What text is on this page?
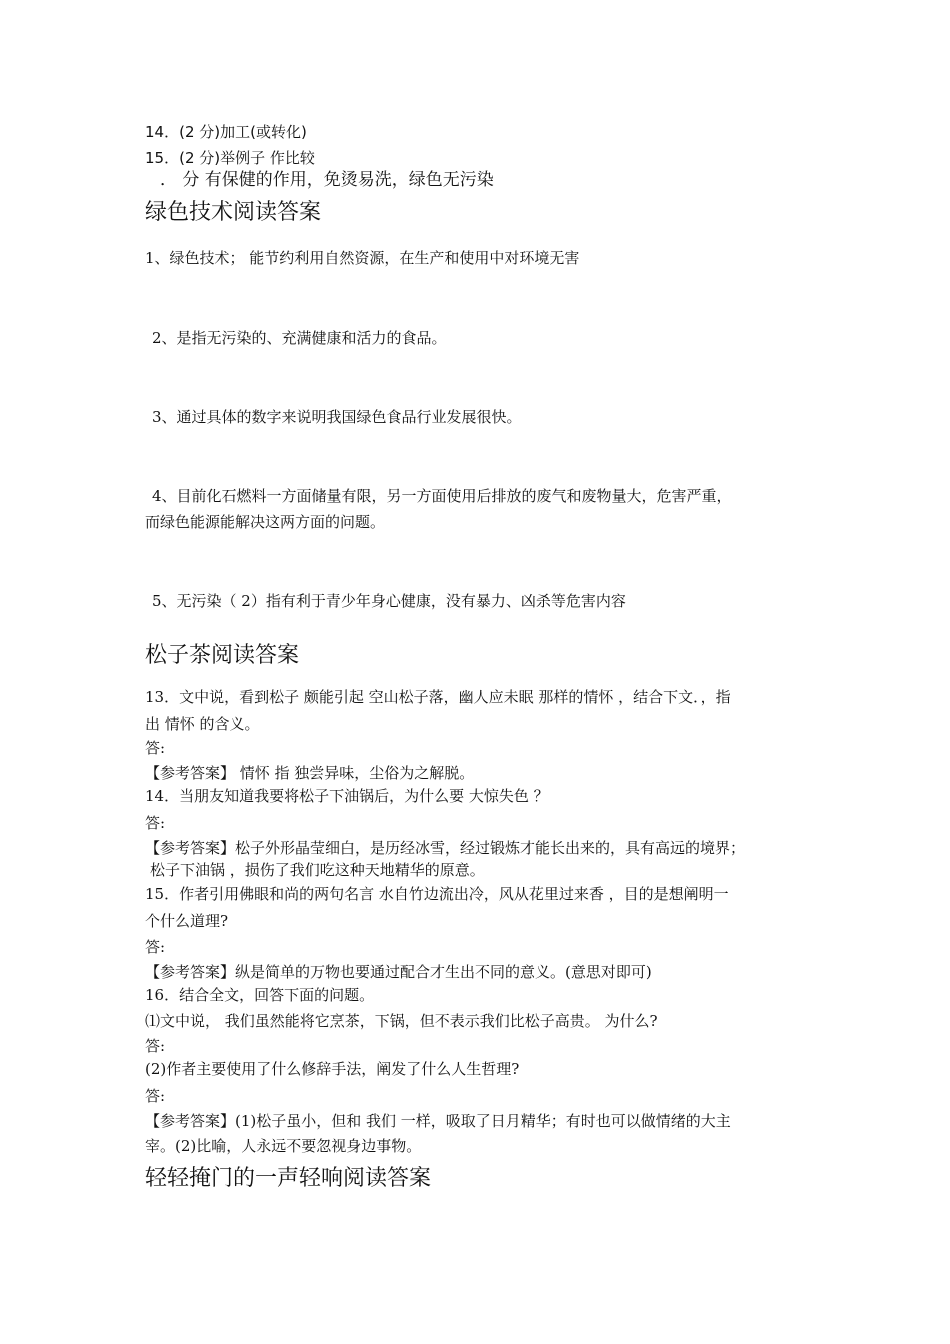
14．(2 分)加工(或转化)
15．(2 分)举例子 作比较
． 分 有保健的作用，免烫易洗，绿色无污染
绿色技术阅读答案
1、绿色技术； 能节约利用自然资源，在生产和使用中对环境无害
2、是指无污染的、充满健康和活力的食品。
3、通过具体的数字来说明我国绿色食品行业发展很快。
4、目前化石燃料一方面储量有限，另一方面使用后排放的废气和废物量大，危害严重，
而绿色能源能解决这两方面的问题。
5、无污染（ 2）指有利于青少年身心健康，没有暴力、凶杀等危害内容
松子茶阅读答案
13．文中说，看到松子 颇能引起 空山松子落，幽人应未眠 那样的情怀 ，结合下文．，指
出 情怀 的含义。
答:
【参考答案】 情怀 指 独尝异味，尘俗为之解脱。
14．当朋友知道我要将松子下油锅后，为什么要 大惊失色 ？
答:
【参考答案】松子外形晶莹细白，是历经冰雪，经过锻炼才能长出来的，具有高远的境界；
松子下油锅 ，损伤了我们吃这种天地精华的原意。
15．作者引用佛眼和尚的两句名言 水自竹边流出冷，风从花里过来香 ，目的是想阐明一
个什么道理?
答:
【参考答案】纵是简单的万物也要通过配合才生出不同的意义。(意思对即可)
16．结合全文，回答下面的问题。
⑴文中说， 我们虽然能将它烹茶，下锅，但不表示我们比松子高贵。 为什么?
答:
(2)作者主要使用了什么修辞手法，阐发了什么人生哲理?
答:
【参考答案】(1)松子虽小，但和 我们 一样，吸取了日月精华；有时也可以做情绪的大主
宰。(2)比喻，人永远不要忽视身边事物。
轻轻掩门的一声轻响阅读答案
